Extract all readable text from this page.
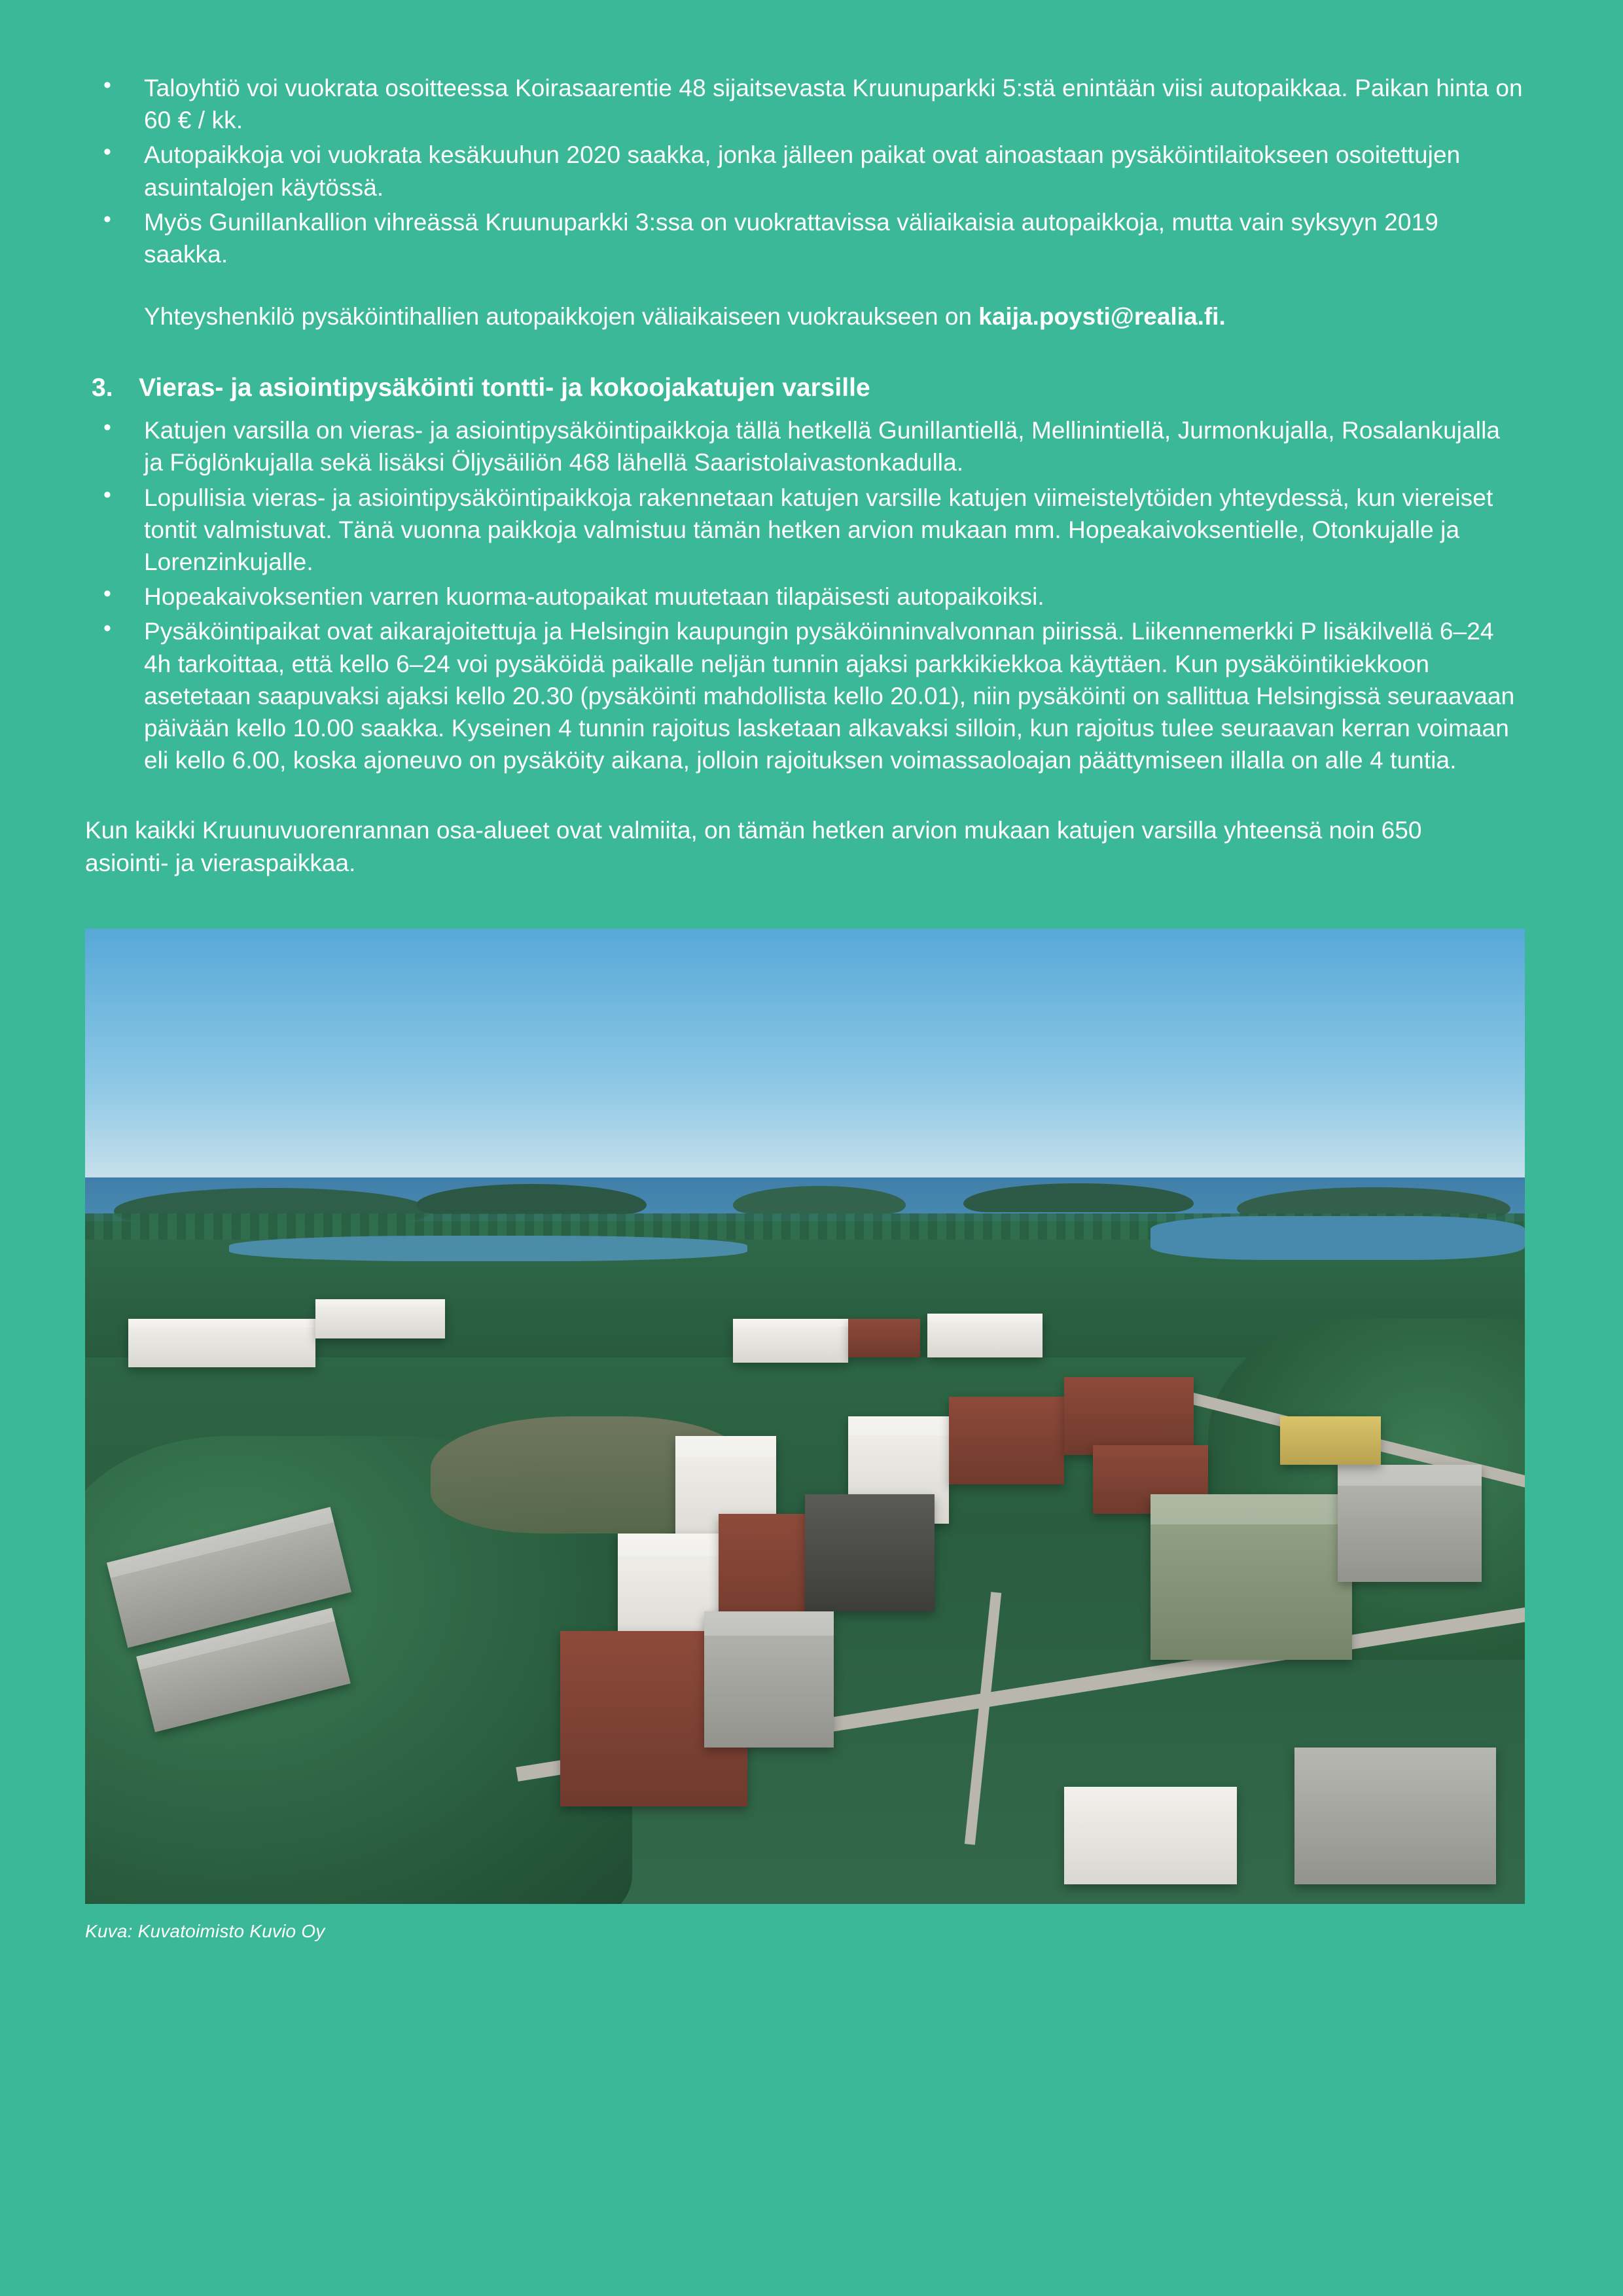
• Taloyhtiö voi vuokrata osoitteessa Koirasaarentie 48 sijaitsevasta Kruunuparkki 5:stä enintään viisi autopaikkaa. Paikan hinta on 60 € / kk.
• Autopaikkoja voi vuokrata kesäkuuhun 2020 saakka, jonka jälleen paikat ovat ainoastaan pysäköintilaitokseen osoitettujen asuintalojen käytössä.
• Myös Gunillankallion vihreässä Kruunuparkki 3:ssa on vuokrattavissa väliaikaisia autopaikkoja, mutta vain syksyyn 2019 saakka.

Yhteyshenkilö pysäköintihallien autopaikkojen väliaikaiseen vuokraukseen on kaija.poysti@realia.fi.

3.	Vieras- ja asiointipysäköinti tontti- ja kokoojakatujen varsille
• Katujen varsilla on vieras- ja asiointipysäköintipaikkoja tällä hetkellä Gunillantiellä, Mellinintiellä, Jurmonkujalla, Rosalankujalla ja Föglönkujalla sekä lisäksi Öljysäiliön 468 lähellä Saaristolaivastonkadulla.
• Lopullisia vieras- ja asiointipysäköintipaikkoja rakennetaan katujen varsille katujen viimeistelytöiden yhteydessä, kun viereiset tontit valmistuvat. Tänä vuonna paikkoja valmistuu tämän hetken arvion mukaan mm. Hopeakaivoksentielle, Otonkujalle ja Lorenzinkujalle.
• Hopeakaivoksentien varren kuorma-autopaikat muutetaan tilapäisesti autopaikoiksi.
• Pysäköintipaikat ovat aikarajoitettuja ja Helsingin kaupungin pysäköinninvalvonnan piirissä. Liikennemerkki P lisäkilvellä 6–24 4h tarkoittaa, että kello 6–24 voi pysäköidä paikalle neljän tunnin ajaksi parkkikiekkoa käyttäen. Kun pysäköintikiekkoon asetetaan saapuvaksi ajaksi kello 20.30 (pysäköinti mahdollista kello 20.01), niin pysäköinti on sallittua Helsingissä seuraavaan päivään kello 10.00 saakka. Kyseinen 4 tunnin rajoitus lasketaan alkavaksi silloin, kun rajoitus tulee seuraavan kerran voimaan eli kello 6.00, koska ajoneuvo on pysäköity aikana, jolloin rajoituksen voimassaoloajan päättymiseen illalla on alle 4 tuntia.

Kun kaikki Kruunuvuorenrannan osa-alueet ovat valmiita, on tämän hetken arvion mukaan katujen varsilla yhteensä noin 650 asiointi- ja vieraspaikkaa.

Kuva: Kuvatoimisto Kuvio Oy
